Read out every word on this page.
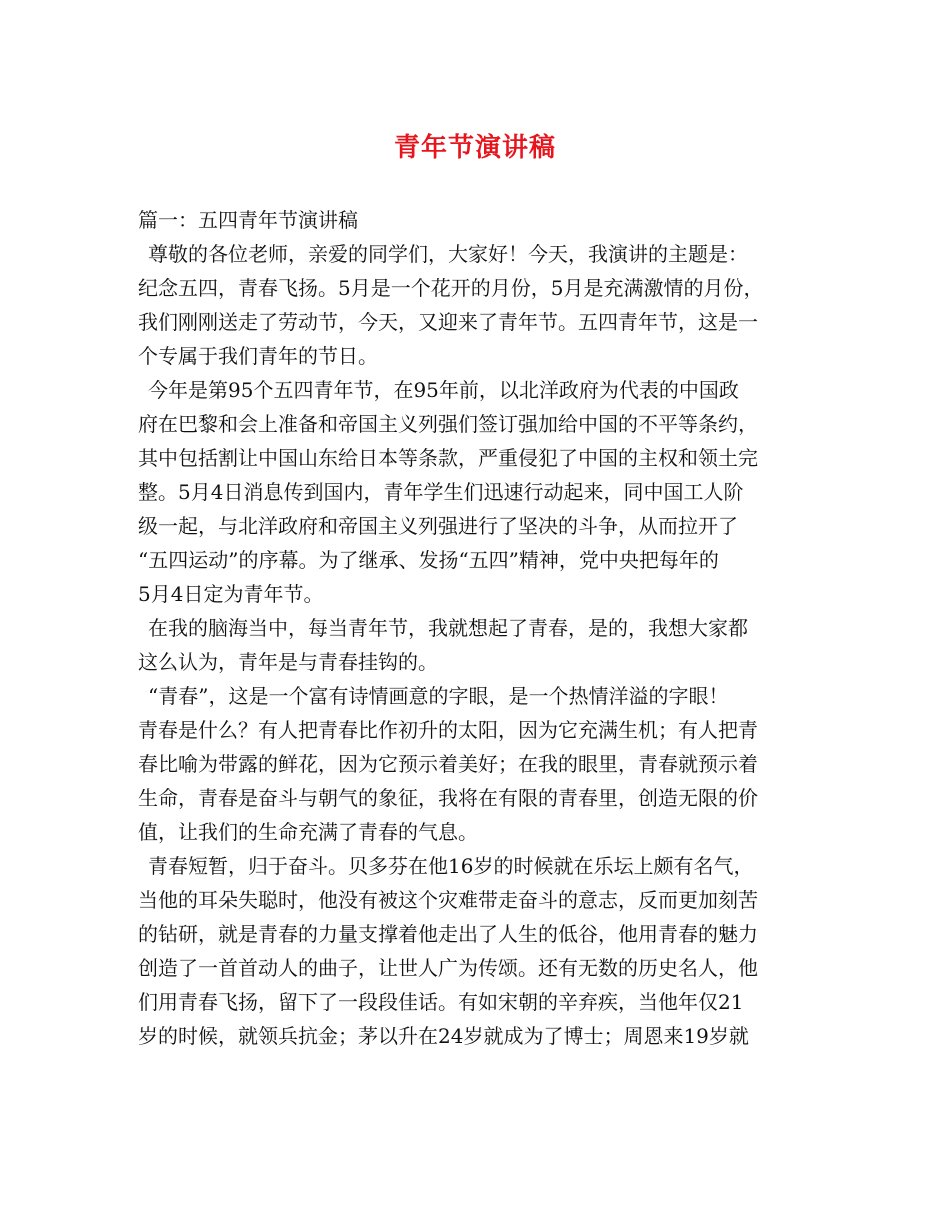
青年节演讲稿
篇一：五四青年节演讲稿
尊敬的各位老师，亲爱的同学们，大家好！今天，我演讲的主题是：
纪念五四，青春飞扬。5月是一个花开的月份，5月是充满激情的月份，
我们刚刚送走了劳动节，今天，又迎来了青年节。五四青年节，这是一
个专属于我们青年的节日。
今年是第95个五四青年节，在95年前，以北洋政府为代表的中国政
府在巴黎和会上准备和帝国主义列强们签订强加给中国的不平等条约，
其中包括割让中国山东给日本等条款，严重侵犯了中国的主权和领土完
整。5月4日消息传到国内，青年学生们迅速行动起来，同中国工人阶
级一起，与北洋政府和帝国主义列强进行了坚决的斗争，从而拉开了
“五四运动”的序幕。为了继承、发扬“五四”精神，党中央把每年的
5月4日定为青年节。
在我的脑海当中，每当青年节，我就想起了青春，是的，我想大家都
这么认为，青年是与青春挂钩的。
“青春”，这是一个富有诗情画意的字眼，是一个热情洋溢的字眼！
青春是什么？有人把青春比作初升的太阳，因为它充满生机；有人把青
春比喻为带露的鲜花，因为它预示着美好；在我的眼里，青春就预示着
生命，青春是奋斗与朝气的象征，我将在有限的青春里，创造无限的价
值，让我们的生命充满了青春的气息。
青春短暂，归于奋斗。贝多芬在他16岁的时候就在乐坛上颇有名气，
当他的耳朵失聪时，他没有被这个灾难带走奋斗的意志，反而更加刻苦
的钻研，就是青春的力量支撑着他走出了人生的低谷，他用青春的魅力
创造了一首首动人的曲子，让世人广为传颂。还有无数的历史名人，他
们用青春飞扬，留下了一段段佳话。有如宋朝的辛弃疾，当他年仅21
岁的时候，就领兵抗金；茅以升在24岁就成为了博士；周恩来19岁就
